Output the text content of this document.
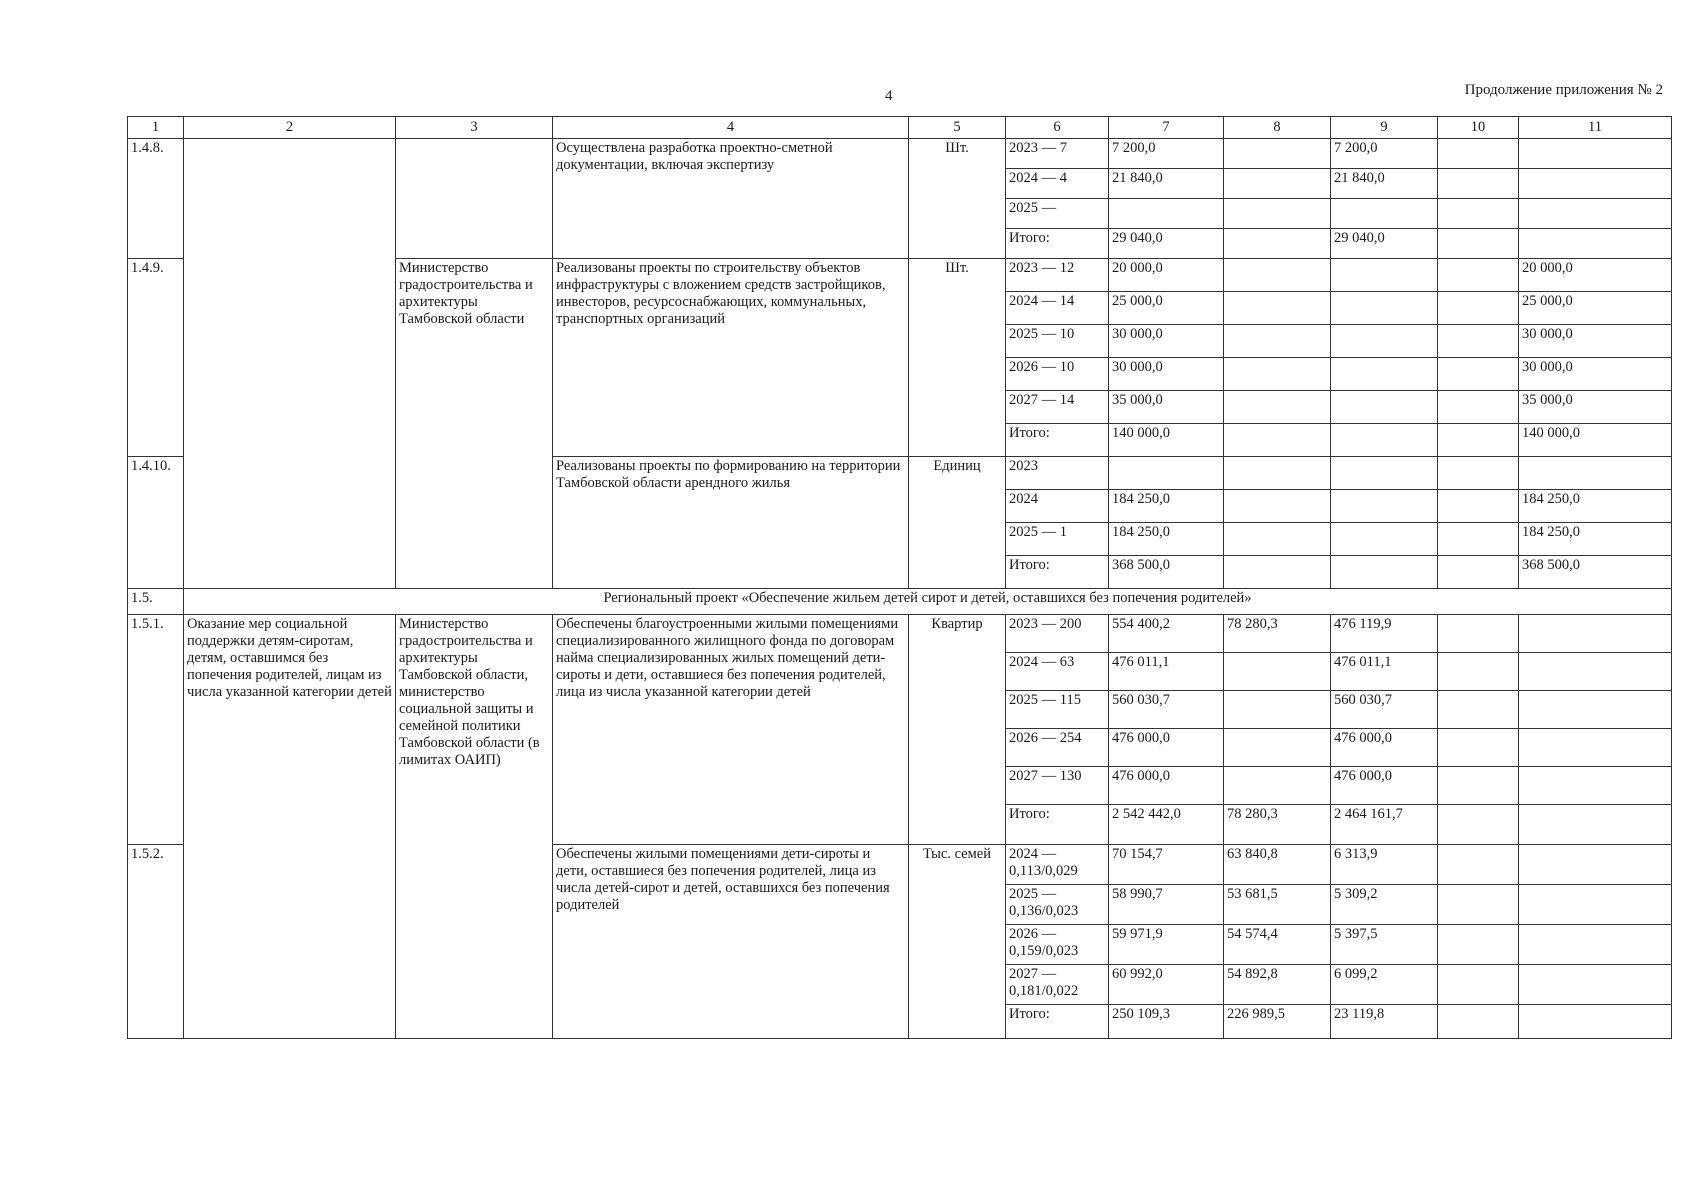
4	Продолжение приложения № 2
1	2	3	4	5	6	7	8	9	10	11
1.4.8.			Осуществлена разработка проектно-сметной документации, включая экспертизу	Шт.	2023 — 7	7 200,0		7 200,0		
					2024 — 4	21 840,0		21 840,0		
					2025 —					
					Итого:	29 040,0		29 040,0		
1.4.9.		Министерство градостроительства и архитектуры Тамбовской области	Реализованы проекты по строительству объектов инфраструктуры с вложением средств застройщиков, инвесторов, ресурсоснабжающих, коммунальных, транспортных организаций	Шт.	2023 — 12	20 000,0				20 000,0
					2024 — 14	25 000,0				25 000,0
					2025 — 10	30 000,0				30 000,0
					2026 — 10	30 000,0				30 000,0
					2027 — 14	35 000,0				35 000,0
					Итого:	140 000,0				140 000,0
1.4.10.			Реализованы проекты по формированию на территории Тамбовской области арендного жилья	Единиц	2023					
					2024	184 250,0				184 250,0
					2025 — 1	184 250,0				184 250,0
					Итого:	368 500,0				368 500,0
1.5.	Региональный проект «Обеспечение жильем детей сирот и детей, оставшихся без попечения родителей»									
1.5.1.	Оказание мер социальной поддержки детям-сиротам, детям, оставшимся без попечения родителей, лицам из числа указанной категории детей	Министерство градостроительства и архитектуры Тамбовской области, министерство социальной защиты и семейной политики Тамбовской области (в лимитах ОАИП)	Обеспечены благоустроенными жилыми помещениями специализированного жилищного фонда по договорам найма специализированных жилых помещений дети-сироты и дети, оставшиеся без попечения родителей, лица из числа указанной категории детей	Квартир	2023 — 200	554 400,2	78 280,3	476 119,9		
					2024 — 63	476 011,1		476 011,1		
					2025 — 115	560 030,7		560 030,7		
					2026 — 254	476 000,0		476 000,0		
					2027 — 130	476 000,0		476 000,0		
					Итого:	2 542 442,0	78 280,3	2 464 161,7		
1.5.2.			Обеспечены жилыми помещениями дети-сироты и дети, оставшиеся без попечения родителей, лица из числа детей-сирот и детей, оставшихся без попечения родителей	Тыс. семей	2024 — 0,113/0,029	70 154,7	63 840,8	6 313,9		
					2025 — 0,136/0,023	58 990,7	53 681,5	5 309,2		
					2026 — 0,159/0,023	59 971,9	54 574,4	5 397,5		
					2027 — 0,181/0,022	60 992,0	54 892,8	6 099,2		
					Итого:	250 109,3	226 989,5	23 119,8		
